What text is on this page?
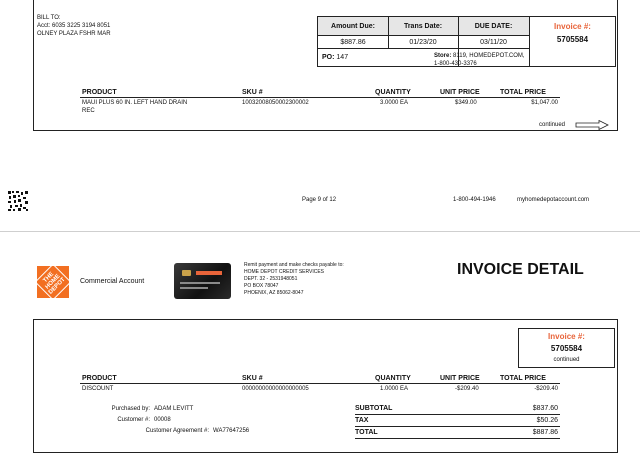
BILL TO:
Acct: 6035 3225 3194 8051
OLNEY PLAZA FSHR MAR
Amount Due:	Trans Date:	DUE DATE:
$887.86	01/23/20	03/11/20
PO: 147	Store: 8119, HOMEDEPOT.COM,
1-800-430-3376
Invoice #:
5705584
PRODUCT	SKU #	QUANTITY	UNIT PRICE	TOTAL PRICE
MAUI PLUS 60 IN. LEFT HAND DRAIN
REC
10032008050002300002	3.0000 EA	$349.00	$1,047.00
continued
Page 9 of 12	1-800-494-1946	myhomedepotaccount.com
THE HOME DEPOT	Commercial Account
Remit payment and make checks payable to:
HOME DEPOT CREDIT SERVICES
DEPT. 32 - 2531948051
PO BOX 78047
PHOENIX, AZ 85062-8047
INVOICE DETAIL
Invoice #:
5705584
continued
PRODUCT	SKU #	QUANTITY	UNIT PRICE	TOTAL PRICE
DISCOUNT	00000000000000000005	1.0000 EA	-$209.40	-$209.40
Purchased by: ADAM LEVITT
Customer #: 00008
Customer Agreement #: WA77647256
SUBTOTAL	$837.60
TAX	$50.26
TOTAL	$887.86
